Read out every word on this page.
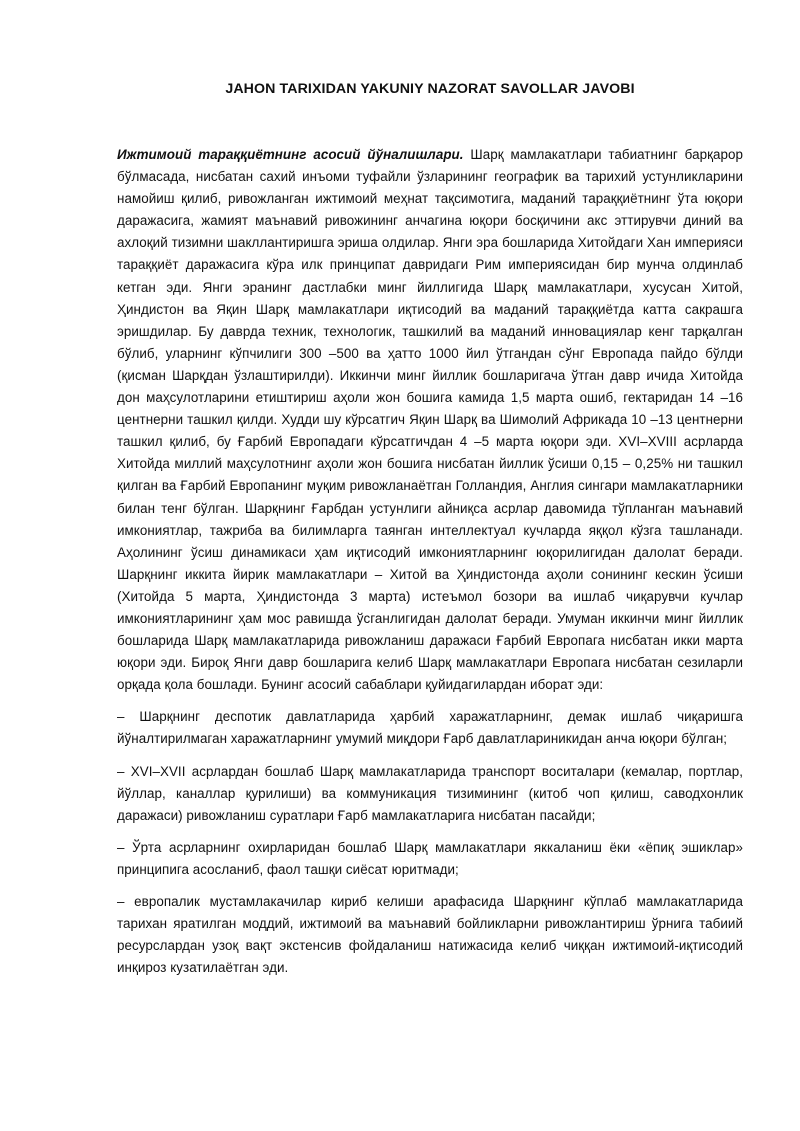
JAHON TARIXIDAN YAKUNIY NAZORAT SAVOLLAR JAVOBI

Ижтимоий тараққиётнинг асосий йўналишлари. Шарқ мамлакатлари табиатнинг барқарор бўлмасада, нисбатан сахий инъоми туфайли ўзларининг географик ва тарихий устунликларини намойиш қилиб, ривожланган ижтимоий меҳнат тақсимотига, маданий тараққиётнинг ўта юқори даражасига, жамият маънавий ривожининг анчагина юқори босқичини акс эттирувчи диний ва ахлоқий тизимни шакллантиришга эриша олдилар. Янги эра бошларида Хитойдаги Хан империяси тараққиёт даражасига кўра илк принципат давридаги Рим империясидан бир мунча олдинлаб кетган эди. Янги эранинг дастлабки минг йиллигида Шарқ мамлакатлари, хусусан Хитой, Ҳиндистон ва Яқин Шарқ мамлакатлари иқтисодий ва маданий тараққиётда катта сакрашга эришдилар. Бу даврда техник, технологик, ташкилий ва маданий инновациялар кенг тарқалган бўлиб, уларнинг кўпчилиги 300 –500 ва ҳатто 1000 йил ўтгандан сўнг Европада пайдо бўлди (қисман Шарқдан ўзлаштирилди). Иккинчи минг йиллик бошларигача ўтган давр ичида Хитойда дон маҳсулотларини етиштириш аҳоли жон бошига камида 1,5 марта ошиб, гектаридан 14 –16 центнерни ташкил қилди. Худди шу кўрсатгич Яқин Шарқ ва Шимолий Африкада 10 –13 центнерни ташкил қилиб, бу Ғарбий Европадаги кўрсатгичдан 4 –5 марта юқори эди. XVI–XVIII асрларда Хитойда миллий маҳсулотнинг аҳоли жон бошига нисбатан йиллик ўсиши 0,15 – 0,25% ни ташкил қилган ва Ғарбий Европанинг муқим ривожланаётган Голландия, Англия сингари мамлакатларники билан тенг бўлган. Шарқнинг Ғарбдан устунлиги айниқса асрлар давомида тўпланган маънавий имкониятлар, тажриба ва билимларга таянган интеллектуал кучларда яққол кўзга ташланади. Аҳолининг ўсиш динамикаси ҳам иқтисодий имкониятларнинг юқорилигидан далолат беради. Шарқнинг иккита йирик мамлакатлари – Хитой ва Ҳиндистонда аҳоли сонининг кескин ўсиши (Хитойда 5 марта, Ҳиндистонда 3 марта) истеъмол бозори ва ишлаб чиқарувчи кучлар имкониятларининг ҳам мос равишда ўсганлигидан далолат беради. Умуман иккинчи минг йиллик бошларида Шарқ мамлакатларида ривожланиш даражаси Ғарбий Европага нисбатан икки марта юқори эди. Бироқ Янги давр бошларига келиб Шарқ мамлакатлари Европага нисбатан сезиларли орқада қола бошлади. Бунинг асосий сабаблари қуйидагилардан иборат эди:

– Шарқнинг деспотик давлатларида ҳарбий харажатларнинг, демак ишлаб чиқаришга йўналтирилмаган харажатларнинг умумий миқдори Ғарб давлатлариникидан анча юқори бўлган;

– XVI–XVII асрлардан бошлаб Шарқ мамлакатларида транспорт воситалари (кемалар, портлар, йўллар, каналлар қурилиши) ва коммуникация тизимининг (китоб чоп қилиш, саводхонлик даражаси) ривожланиш суратлари Ғарб мамлакатларига нисбатан пасайди;

– Ўрта асрларнинг охирларидан бошлаб Шарқ мамлакатлари яккаланиш ёки «ёпиқ эшиклар» принципига асосланиб, фаол ташқи сиёсат юритмади;

– европалик мустамлакачилар кириб келиши арафасида Шарқнинг кўплаб мамлакатларида тарихан яратилган моддий, ижтимоий ва маънавий бойликларни ривожлантириш ўрнига табиий ресурслардан узоқ вақт экстенсив фойдаланиш натижасида келиб чиққан ижтимоий-иқтисодий инқироз кузатилаётган эди.
